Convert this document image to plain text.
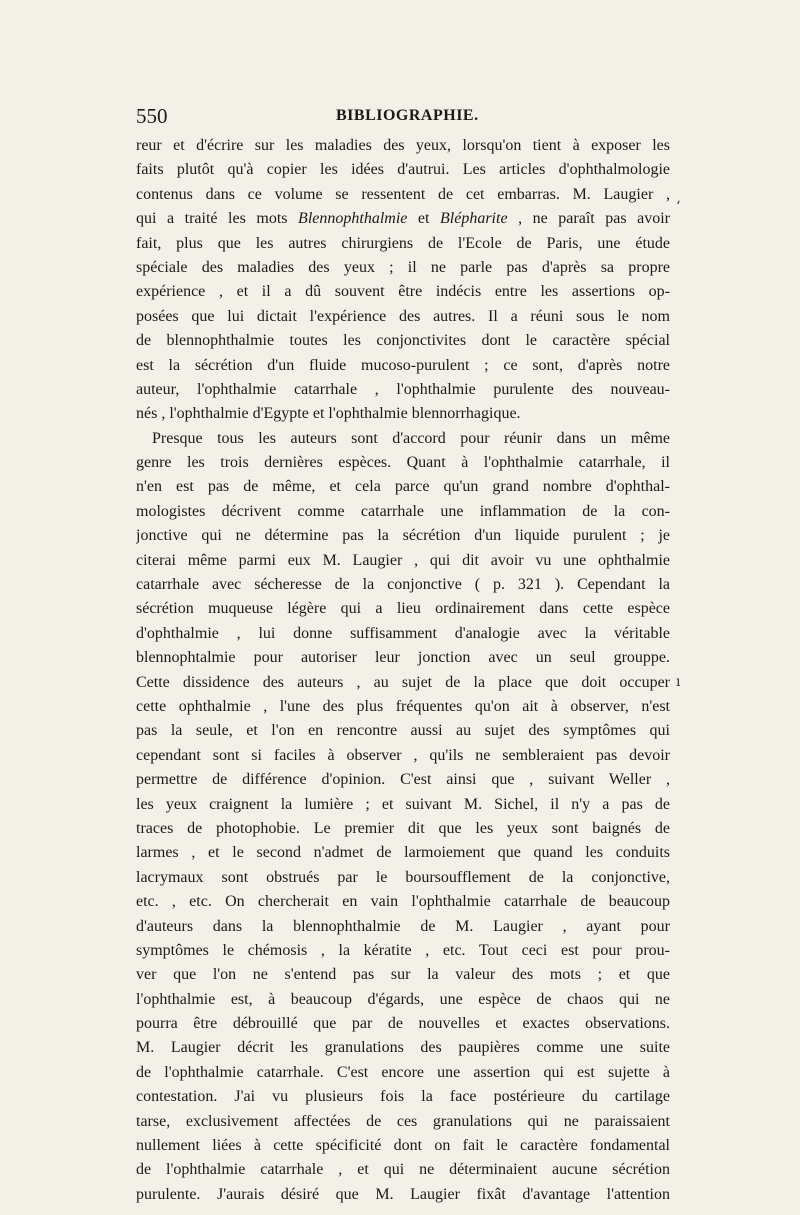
550	BIBLIOGRAPHIE.
reur et d'écrire sur les maladies des yeux, lorsqu'on tient à exposer les
faits plutôt qu'à copier les idées d'autrui. Les articles d'ophthalmologie
contenus dans ce volume se ressentent de cet embarras. M. Laugier ,
qui a traité les mots Blennophthalmie et Blépharite , ne paraît pas avoir
fait, plus que les autres chirurgiens de l'Ecole de Paris, une étude
spéciale des maladies des yeux ; il ne parle pas d'après sa propre
expérience , et il a dû souvent être indécis entre les assertions op-
posées que lui dictait l'expérience des autres. Il a réuni sous le nom
de blennophthalmie toutes les conjonctivites dont le caractère spécial
est la sécrétion d'un fluide mucoso-purulent ; ce sont, d'après notre
auteur, l'ophthalmie catarrhale , l'ophthalmie purulente des nouveau-
nés , l'ophthalmie d'Egypte et l'ophthalmie blennorrhagique.
Presque tous les auteurs sont d'accord pour réunir dans un même
genre les trois dernières espèces. Quant à l'ophthalmie catarrhale, il
n'en est pas de même, et cela parce qu'un grand nombre d'ophthal-
mologistes décrivent comme catarrhale une inflammation de la con-
jonctive qui ne détermine pas la sécrétion d'un liquide purulent ; je
citerai même parmi eux M. Laugier , qui dit avoir vu une ophthalmie
catarrhale avec sécheresse de la conjonctive ( p. 321 ). Cependant la
sécrétion muqueuse légère qui a lieu ordinairement dans cette espèce
d'ophthalmie , lui donne suffisamment d'analogie avec la véritable
blennophtalmie pour autoriser leur jonction avec un seul grouppe.
Cette dissidence des auteurs , au sujet de la place que doit occuper
cette ophthalmie , l'une des plus fréquentes qu'on ait à observer, n'est
pas la seule, et l'on en rencontre aussi au sujet des symptômes qui
cependant sont si faciles à observer , qu'ils ne sembleraient pas devoir
permettre de différence d'opinion. C'est ainsi que , suivant Weller ,
les yeux craignent la lumière ; et suivant M. Sichel, il n'y a pas de
traces de photophobie. Le premier dit que les yeux sont baignés de
larmes , et le second n'admet de larmoiement que quand les conduits
lacrymaux sont obstrués par le boursoufflement de la conjonctive,
etc. , etc. On chercherait en vain l'ophthalmie catarrhale de beaucoup
d'auteurs dans la blennophthalmie de M. Laugier , ayant pour
symptômes le chémosis , la kératite , etc. Tout ceci est pour prou-
ver que l'on ne s'entend pas sur la valeur des mots ; et que
l'ophthalmie est, à beaucoup d'égards, une espèce de chaos qui ne
pourra être débrouillé que par de nouvelles et exactes observations.
M. Laugier décrit les granulations des paupières comme une suite
de l'ophthalmie catarrhale. C'est encore une assertion qui est sujette à
contestation. J'ai vu plusieurs fois la face postérieure du cartilage
tarse, exclusivement affectées de ces granulations qui ne paraissaient
nullement liées à cette spécificité dont on fait le caractère fondamental
de l'ophthalmie catarrhale , et qui ne déterminaient aucune sécrétion
purulente. J'aurais désiré que M. Laugier fixât d'avantage l'attention
‘
ı
